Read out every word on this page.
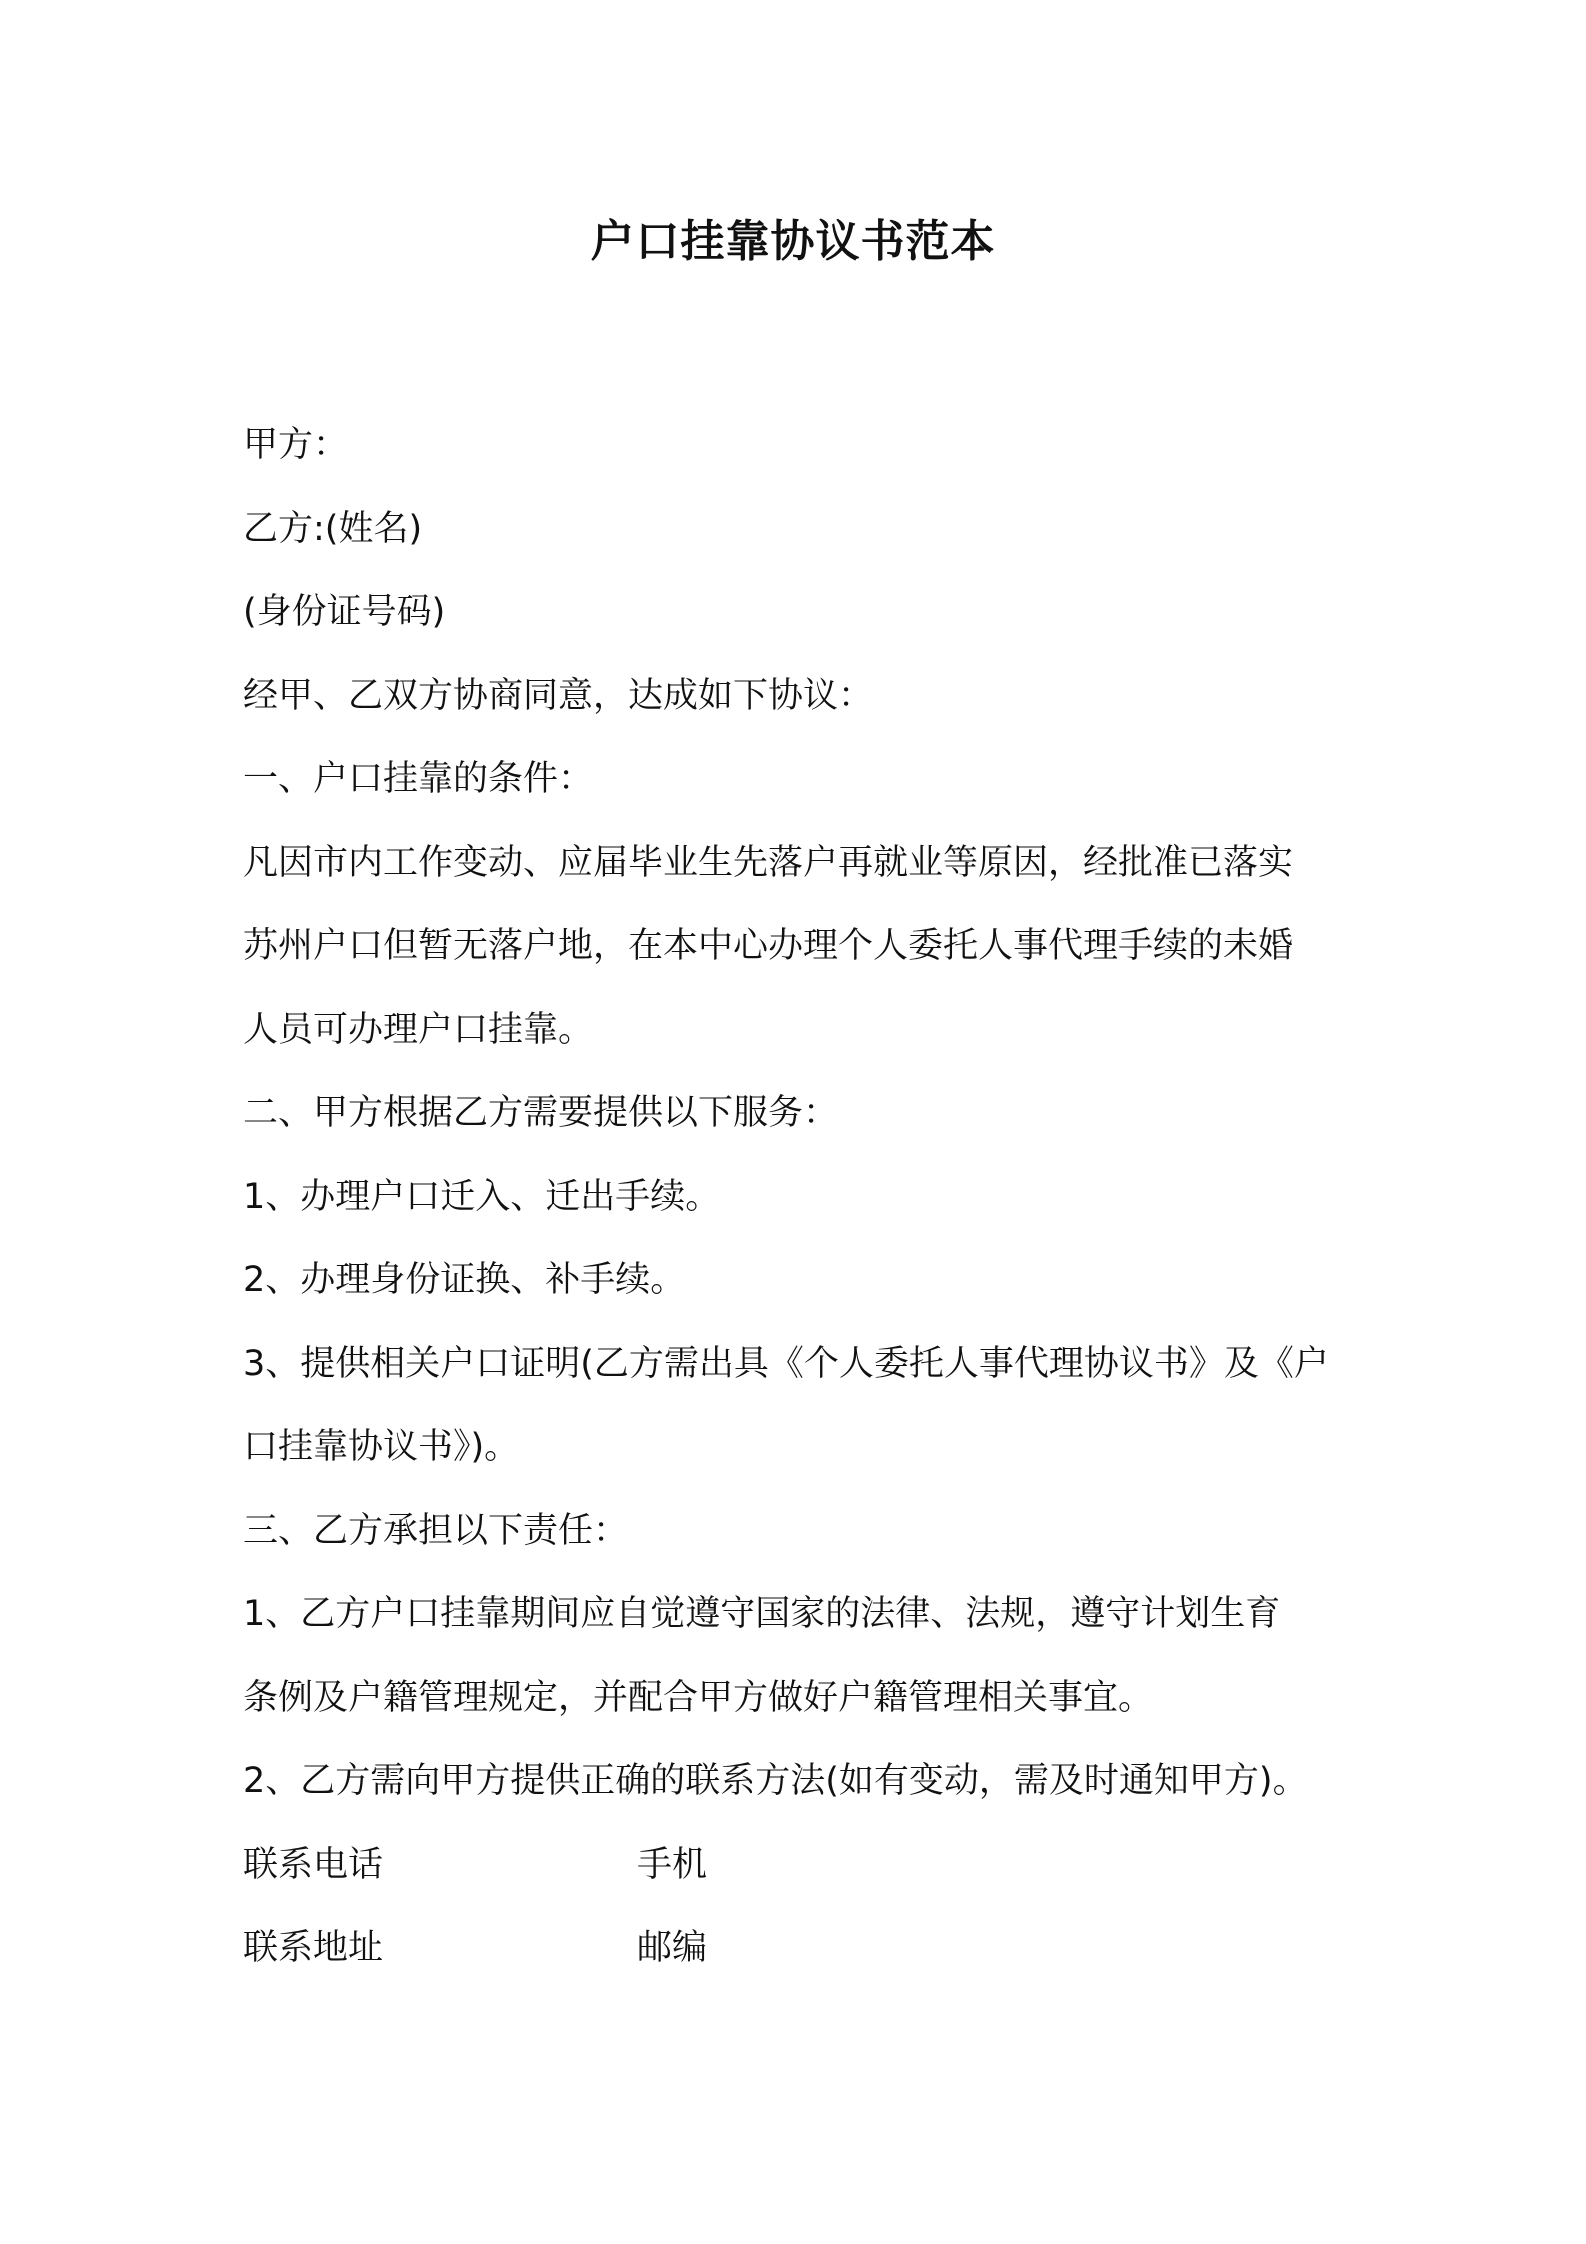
户口挂靠协议书范本
甲方：
乙方:(姓名)
(身份证号码)
经甲、乙双方协商同意，达成如下协议：
一、户口挂靠的条件：
凡因市内工作变动、应届毕业生先落户再就业等原因，经批准已落实
苏州户口但暂无落户地，在本中心办理个人委托人事代理手续的未婚
人员可办理户口挂靠。
二、甲方根据乙方需要提供以下服务：
1、办理户口迁入、迁出手续。
2、办理身份证换、补手续。
3、提供相关户口证明(乙方需出具《个人委托人事代理协议书》及《户
口挂靠协议书》)。
三、乙方承担以下责任：
1、乙方户口挂靠期间应自觉遵守国家的法律、法规，遵守计划生育
条例及户籍管理规定，并配合甲方做好户籍管理相关事宜。
2、乙方需向甲方提供正确的联系方法(如有变动，需及时通知甲方)。
联系电话	手机
联系地址	邮编
